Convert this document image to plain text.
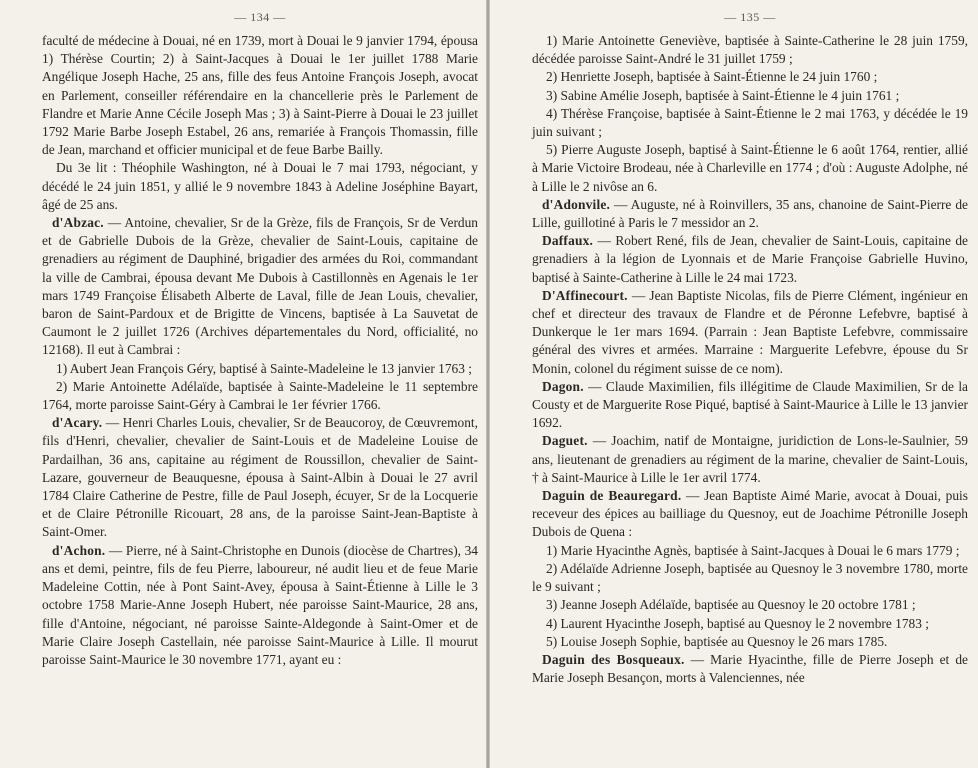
— 134 —

faculté de médecine à Douai, né en 1739, mort à Douai le 9 janvier 1794, épousa 1) Thérèse Courtin; 2) à Saint-Jacques à Douai le 1er juillet 1788 Marie Angélique Joseph Hache, 25 ans, fille des feus Antoine François Joseph, avocat en Parlement, conseiller référendaire en la chancellerie près le Parlement de Flandre et Marie Anne Cécile Joseph Mas ; 3) à Saint-Pierre à Douai le 23 juillet 1792 Marie Barbe Joseph Estabel, 26 ans, remariée à François Thomassin, fille de Jean, marchand et officier municipal et de feue Barbe Bailly.

Du 3e lit : Théophile Washington, né à Douai le 7 mai 1793, négociant, y décédé le 24 juin 1851, y allié le 9 novembre 1843 à Adeline Joséphine Bayart, âgé de 25 ans.

d'Abzac. — Antoine, chevalier, Sr de la Grèze, fils de François, Sr de Verdun et de Gabrielle Dubois de la Grèze, chevalier de Saint-Louis, capitaine de grenadiers au régiment de Dauphiné, brigadier des armées du Roi, commandant la ville de Cambrai, épousa devant Me Dubois à Castillonnès en Agenais le 1er mars 1749 Françoise Élisabeth Alberte de Laval, fille de Jean Louis, chevalier, baron de Saint-Pardoux et de Brigitte de Vincens, baptisée à La Sauvetat de Caumont le 2 juillet 1726 (Archives départementales du Nord, officialité, no 12168). Il eut à Cambrai :

1) Aubert Jean François Géry, baptisé à Sainte-Madeleine le 13 janvier 1763 ;

2) Marie Antoinette Adélaïde, baptisée à Sainte-Madeleine le 11 septembre 1764, morte paroisse Saint-Géry à Cambrai le 1er février 1766.

d'Acary. — Henri Charles Louis, chevalier, Sr de Beaucoroy, de Cœuvremont, fils d'Henri, chevalier, chevalier de Saint-Louis et de Madeleine Louise de Pardailhan, 36 ans, capitaine au régiment de Roussillon, chevalier de Saint-Lazare, gouverneur de Beauquesne, épousa à Saint-Albin à Douai le 27 avril 1784 Claire Catherine de Pestre, fille de Paul Joseph, écuyer, Sr de la Locquerie et de Claire Pétronille Ricouart, 28 ans, de la paroisse Saint-Jean-Baptiste à Saint-Omer.

d'Achon. — Pierre, né à Saint-Christophe en Dunois (diocèse de Chartres), 34 ans et demi, peintre, fils de feu Pierre, laboureur, né audit lieu et de feue Marie Madeleine Cottin, née à Pont Saint-Avey, épousa à Saint-Étienne à Lille le 3 octobre 1758 Marie-Anne Joseph Hubert, née paroisse Saint-Maurice, 28 ans, fille d'Antoine, négociant, né paroisse Sainte-Aldegonde à Saint-Omer et de Marie Claire Joseph Castellain, née paroisse Saint-Maurice à Lille. Il mourut paroisse Saint-Maurice le 30 novembre 1771, ayant eu :

— 135 —

1) Marie Antoinette Geneviève, baptisée à Sainte-Catherine le 28 juin 1759, décédée paroisse Saint-André le 31 juillet 1759 ;

2) Henriette Joseph, baptisée à Saint-Étienne le 24 juin 1760 ;

3) Sabine Amélie Joseph, baptisée à Saint-Étienne le 4 juin 1761 ;

4) Thérèse Françoise, baptisée à Saint-Étienne le 2 mai 1763, y décédée le 19 juin suivant ;

5) Pierre Auguste Joseph, baptisé à Saint-Étienne le 6 août 1764, rentier, allié à Marie Victoire Brodeau, née à Charleville en 1774 ; d'où : Auguste Adolphe, né à Lille le 2 nivôse an 6.

d'Adonvile. — Auguste, né à Roinvillers, 35 ans, chanoine de Saint-Pierre de Lille, guillotiné à Paris le 7 messidor an 2.

Daffaux. — Robert René, fils de Jean, chevalier de Saint-Louis, capitaine de grenadiers à la légion de Lyonnais et de Marie Françoise Gabrielle Huvino, baptisé à Sainte-Catherine à Lille le 24 mai 1723.

D'Affinecourt. — Jean Baptiste Nicolas, fils de Pierre Clément, ingénieur en chef et directeur des travaux de Flandre et de Péronne Lefebvre, baptisé à Dunkerque le 1er mars 1694. (Parrain : Jean Baptiste Lefebvre, commissaire général des vivres et armées. Marraine : Marguerite Lefebvre, épouse du Sr Monin, colonel du régiment suisse de ce nom).

Dagon. — Claude Maximilien, fils illégitime de Claude Maximilien, Sr de la Cousty et de Marguerite Rose Piqué, baptisé à Saint-Maurice à Lille le 13 janvier 1692.

Daguet. — Joachim, natif de Montaigne, juridiction de Lons-le-Saulnier, 59 ans, lieutenant de grenadiers au régiment de la marine, chevalier de Saint-Louis, † à Saint-Maurice à Lille le 1er avril 1774.

Daguin de Beauregard. — Jean Baptiste Aimé Marie, avocat à Douai, puis receveur des épices au bailliage du Quesnoy, eut de Joachime Pétronille Joseph Dubois de Quena :

1) Marie Hyacinthe Agnès, baptisée à Saint-Jacques à Douai le 6 mars 1779 ;

2) Adélaïde Adrienne Joseph, baptisée au Quesnoy le 3 novembre 1780, morte le 9 suivant ;

3) Jeanne Joseph Adélaïde, baptisée au Quesnoy le 20 octobre 1781 ;

4) Laurent Hyacinthe Joseph, baptisé au Quesnoy le 2 novembre 1783 ;

5) Louise Joseph Sophie, baptisée au Quesnoy le 26 mars 1785.

Daguin des Bosqueaux. — Marie Hyacinthe, fille de Pierre Joseph et de Marie Joseph Besançon, morts à Valenciennes, née
